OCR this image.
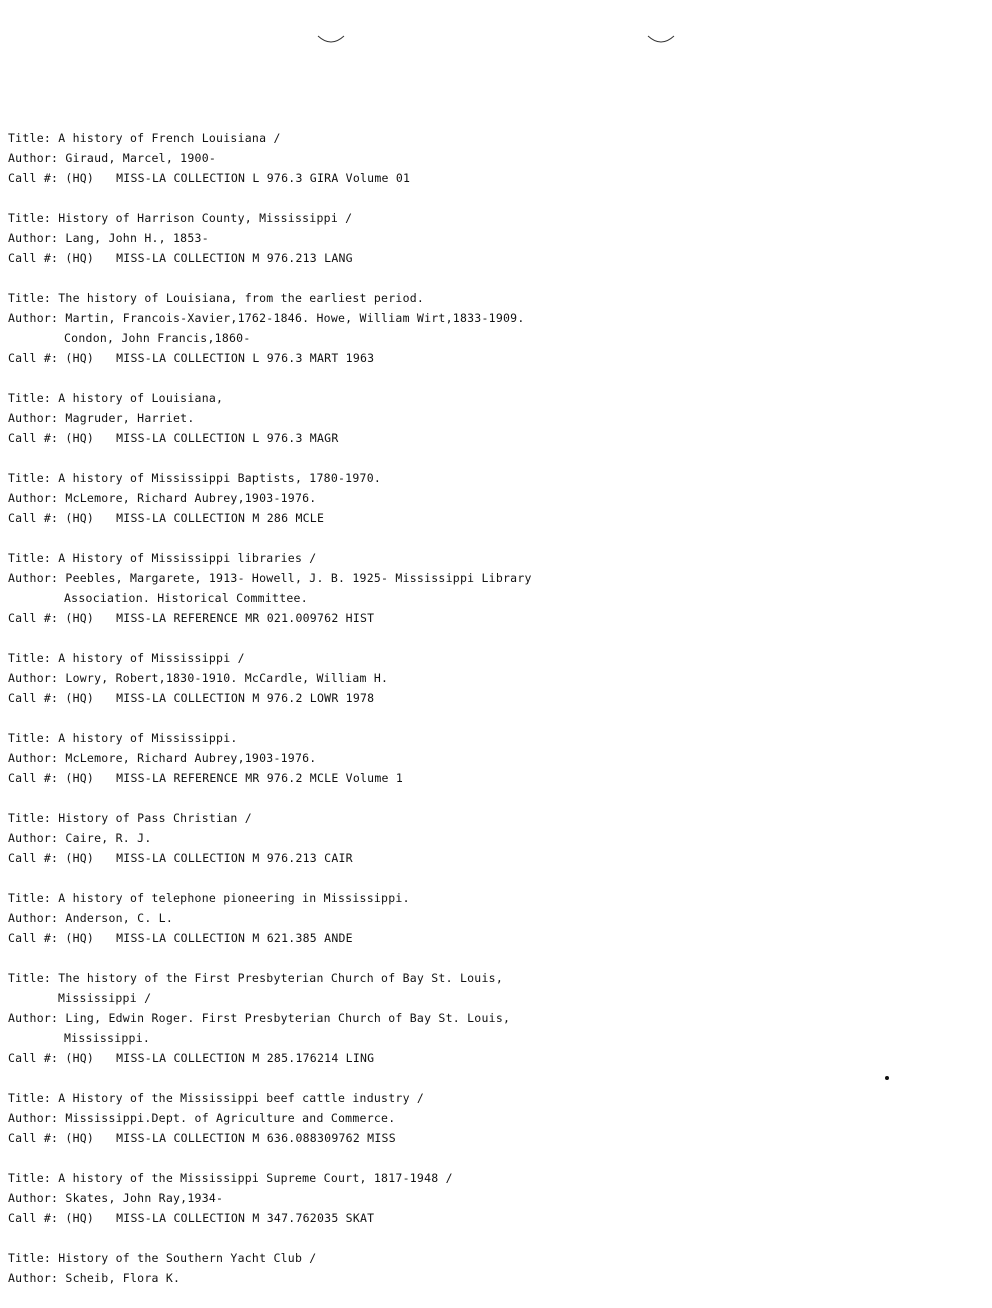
Title: A history of French Louisiana /
Author: Giraud, Marcel, 1900-
Call #: (HQ) MISS-LA COLLECTION L 976.3 GIRA Volume 01
Title: History of Harrison County, Mississippi /
Author: Lang, John H., 1853-
Call #: (HQ) MISS-LA COLLECTION M 976.213 LANG
Title: The history of Louisiana, from the earliest period.
Author: Martin, Francois-Xavier,1762-1846. Howe, William Wirt,1833-1909.
Condon, John Francis,1860-
Call #: (HQ) MISS-LA COLLECTION L 976.3 MART 1963
Title: A history of Louisiana,
Author: Magruder, Harriet.
Call #: (HQ) MISS-LA COLLECTION L 976.3 MAGR
Title: A history of Mississippi Baptists, 1780-1970.
Author: McLemore, Richard Aubrey,1903-1976.
Call #: (HQ) MISS-LA COLLECTION M 286 MCLE
Title: A History of Mississippi libraries /
Author: Peebles, Margarete, 1913- Howell, J. B. 1925- Mississippi Library
Association. Historical Committee.
Call #: (HQ) MISS-LA REFERENCE MR 021.009762 HIST
Title: A history of Mississippi /
Author: Lowry, Robert,1830-1910. McCardle, William H.
Call #: (HQ) MISS-LA COLLECTION M 976.2 LOWR 1978
Title: A history of Mississippi.
Author: McLemore, Richard Aubrey,1903-1976.
Call #: (HQ) MISS-LA REFERENCE MR 976.2 MCLE Volume 1
Title: History of Pass Christian /
Author: Caire, R. J.
Call #: (HQ) MISS-LA COLLECTION M 976.213 CAIR
Title: A history of telephone pioneering in Mississippi.
Author: Anderson, C. L.
Call #: (HQ) MISS-LA COLLECTION M 621.385 ANDE
Title: The history of the First Presbyterian Church of Bay St. Louis,
Mississippi /
Author: Ling, Edwin Roger. First Presbyterian Church of Bay St. Louis,
Mississippi.
Call #: (HQ) MISS-LA COLLECTION M 285.176214 LING
Title: A History of the Mississippi beef cattle industry /
Author: Mississippi.Dept. of Agriculture and Commerce.
Call #: (HQ) MISS-LA COLLECTION M 636.088309762 MISS
Title: A history of the Mississippi Supreme Court, 1817-1948 /
Author: Skates, John Ray,1934-
Call #: (HQ) MISS-LA COLLECTION M 347.762035 SKAT
Title: History of the Southern Yacht Club /
Author: Scheib, Flora K.
